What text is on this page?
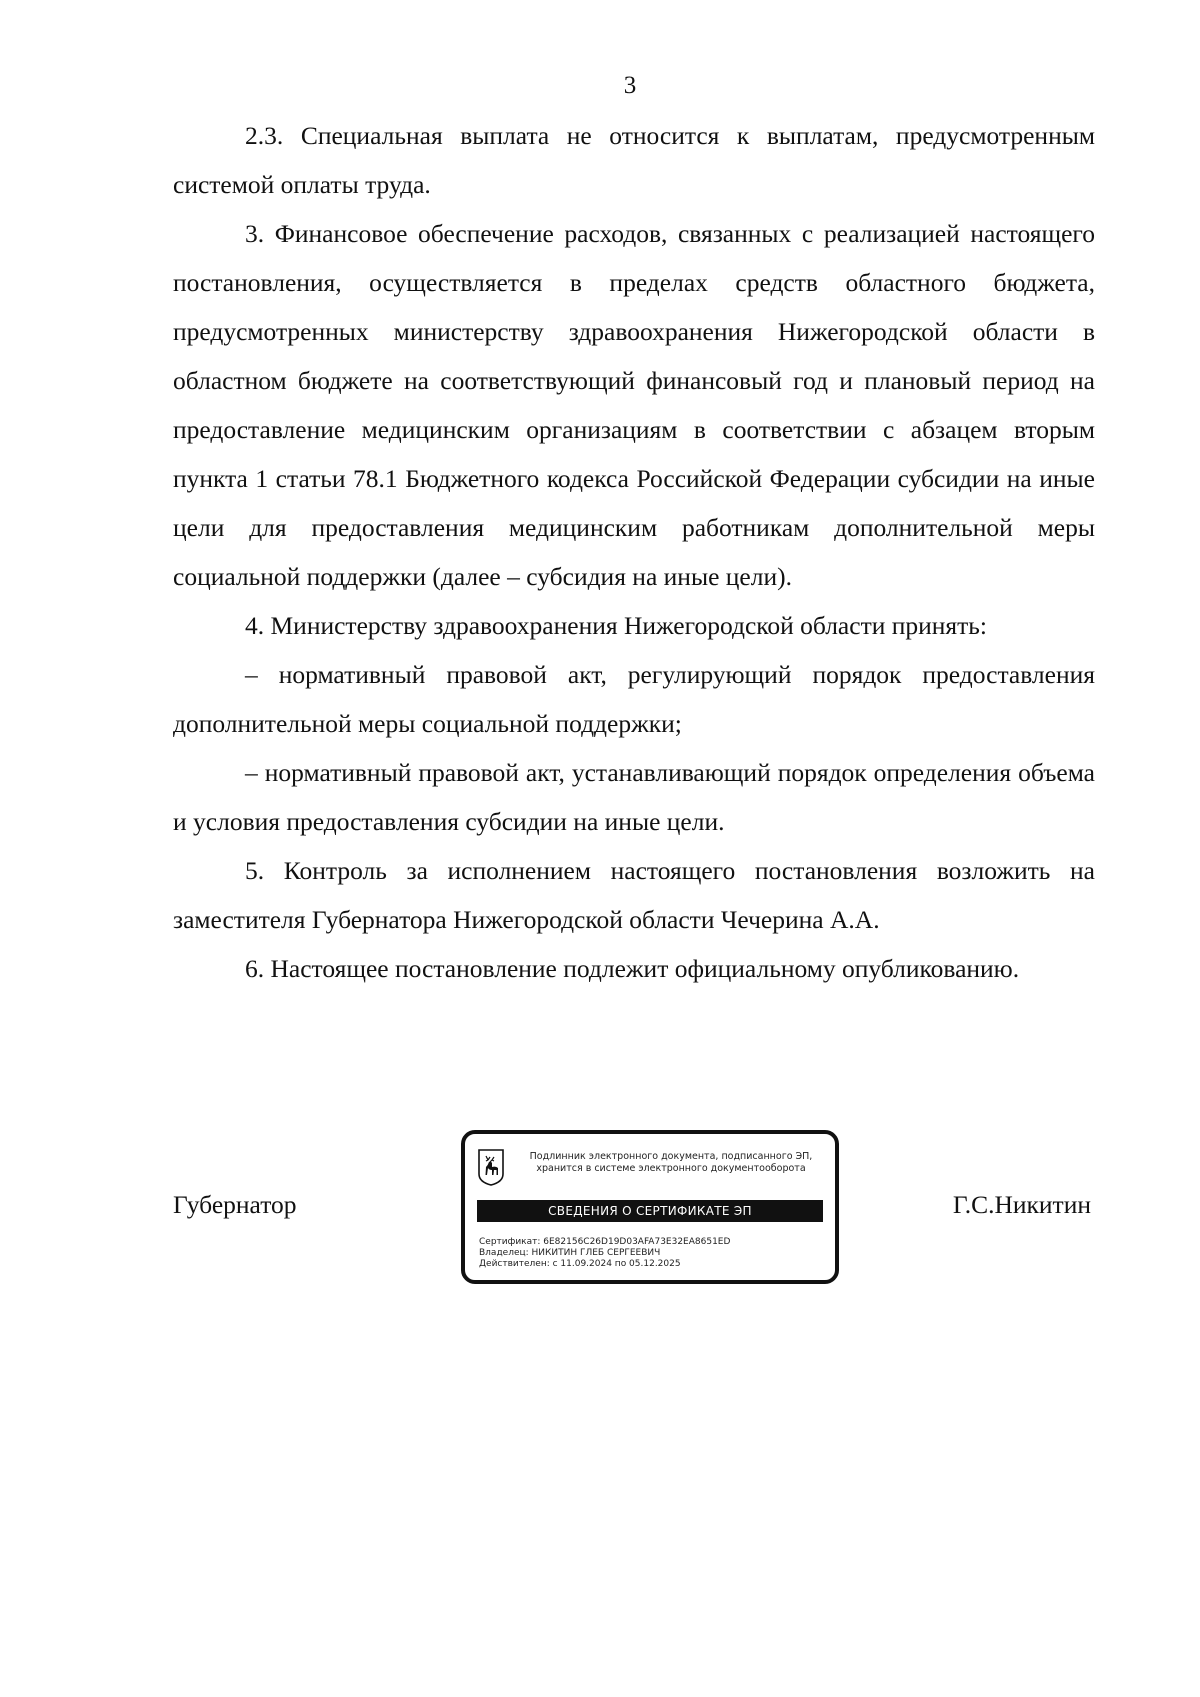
3

2.3. Специальная выплата не относится к выплатам, предусмотренным системой оплаты труда.

3. Финансовое обеспечение расходов, связанных с реализацией настоящего постановления, осуществляется в пределах средств областного бюджета, предусмотренных министерству здравоохранения Нижегородской области в областном бюджете на соответствующий финансовый год и плановый период на предоставление медицинским организациям в соответствии с абзацем вторым пункта 1 статьи 78.1 Бюджетного кодекса Российской Федерации субсидии на иные цели для предоставления медицинским работникам дополнительной меры социальной поддержки (далее – субсидия на иные цели).

4. Министерству здравоохранения Нижегородской области принять:

– нормативный правовой акт, регулирующий порядок предоставления дополнительной меры социальной поддержки;

– нормативный правовой акт, устанавливающий порядок определения объема и условия предоставления субсидии на иные цели.

5. Контроль за исполнением настоящего постановления возложить на заместителя Губернатора Нижегородской области Чечерина А.А.

6. Настоящее постановление подлежит официальному опубликованию.

Губернатор
Подлинник электронного документа, подписанного ЭП,
хранится в системе электронного документооборота
СВЕДЕНИЯ О СЕРТИФИКАТЕ ЭП
Сертификат: 6E82156C26D19D03AFA73E32EA8651ED
Владелец: НИКИТИН ГЛЕБ СЕРГЕЕВИЧ
Действителен: с 11.09.2024 по 05.12.2025
Г.С.Никитин
